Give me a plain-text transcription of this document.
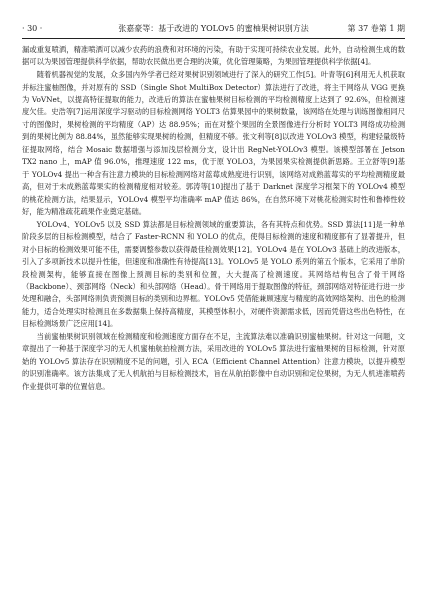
· 30 ·	张嘉豪等：基于改进的 YOLOv5 的蜜柚果树识别方法	第 37 卷第 1 期

漏或重复喷洒，精准喷洒可以减少农药的浪费和对环境的污染，有助于实现可持续农业发展。此外，自动检测生成的数据可以为果园管理提供科学依据，帮助农民做出更合理的决策，优化管理策略，为果园管理提供科学依据[4]。

随着机器视觉的发展，众多国内外学者已经对果树识别领域进行了深入的研究工作[5]。叶青等[6]利用无人机获取并标注蜜柚图像，并对原有的 SSD（Single Shot MultiBox Detector）算法进行了改进，将主干网络从 VGG 更换为 VoVNet，以提高特征提取的能力，改进后的算法在蜜柚果树目标检测的平均检测精度上达到了 92.6%，但检测速度欠佳。史浩等[7]运用深度学习驱动的目标检测网络 YOLT3 估算果园中的果树数量，该网络在处理与训练图像相同尺寸的图像时，果树检测的平均精度（AP）达 88.95%；而在对整个果园的全景图像进行分析时 YOLT3 网络成功检测到的果树比例为 88.84%，虽然能够实现果树的检测，但精度不够。张文利等[8]以改进 YOLOv3 模型，构建轻量级特征提取网络，结合 Mosaic 数据增强与添加浅层检测分支，设计出 RegNet-YOLOv3 模型。该模型部署在 Jetson TX2 nano 上，mAP 值 96.0%，推理速度 122 ms，优于原 YOLO3，为果园果实检测提供新思路。王立舒等[9]基于 YOLOv4 提出一种含有注意力模块的目标检测网络对蓝莓成熟度进行识别，该网络对成熟蓝莓实的平均检测精度最高，但对于未成熟蓝莓果实的检测精度相对较差。郭涛等[10]提出了基于 Darknet 深度学习框架下的 YOLOv4 模型的桃花检测方法，结果显示，YOLOv4 模型平均准确率 mAP 值达 86%，在自然环境下对桃花检测实时性和鲁棒性较好，能为精准疏花疏果作业奠定基础。

YOLOv4、YOLOv5 以及 SSD 算法都是目标检测领域的重要算法，各有其特点和优势。SSD 算法[11]是一种单阶段多层的目标检测模型，结合了 Faster-RCNN 和 YOLO 的优点，使得目标检测的速度和精度都有了显著提升，但对小目标的检测效果可能不佳，需要调整参数以获得最佳检测效果[12]。YOLOv4 是在 YOLOv3 基础上的改进版本，引入了多项新技术以提升性能，但速度和准确性有待提高[13]。YOLOv5 是 YOLO 系列的第五个版本，它采用了单阶段检测架构，能够直接在图像上预测目标的类别和位置，大大提高了检测速度。其网络结构包含了骨干网络（Backbone）、颈部网络（Neck）和头部网络（Head）。骨干网络用于提取图像的特征，颈部网络对特征进行进一步处理和融合，头部网络则负责预测目标的类别和边界框。YOLOv5 凭借能兼顾速度与精度的高效网络架构、出色的检测能力，适合处理实时检测且在多数据集上保持高精度，其模型体积小，对硬件资源需求低，因而凭借这些出色特性，在目标检测场景广泛应用[14]。

当前蜜柚果树识别领域在检测精度和检测速度方面存在不足，主流算法难以准确识别蜜柚果树。针对这一问题，文章提出了一种基于深度学习的无人机蜜柚航拍检测方法，采用改进的 YOLOv5 算法进行蜜柚果树的目标检测，针对原始的 YOLOv5 算法存在识别精度不足的问题，引入 ECA（Efficient Channel Attention）注意力模块，以提升模型的识别准确率。该方法集成了无人机航拍与目标检测技术，旨在从航拍影像中自动识别和定位果树，为无人机进准喷药作业提供可靠的位置信息。
